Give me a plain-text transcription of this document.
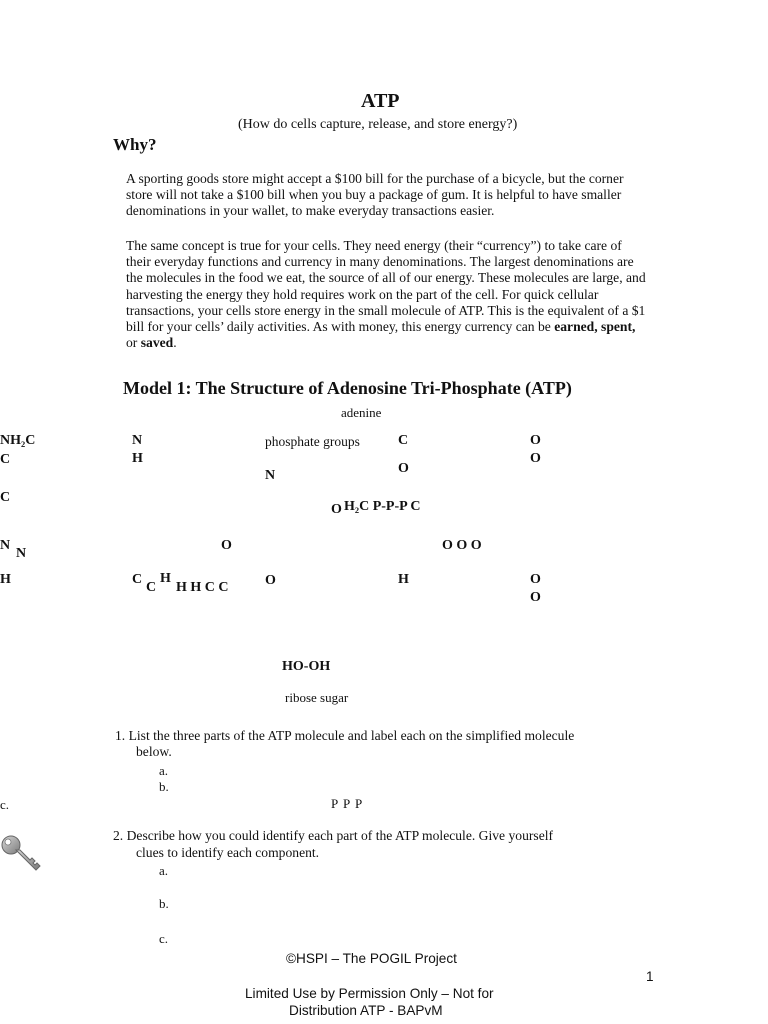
ATP
(How do cells capture, release, and store energy?)
Why?
A sporting goods store might accept a $100 bill for the purchase of a bicycle, but the corner store will not take a $100 bill when you buy a package of gum. It is helpful to have smaller denominations in your wallet, to make everyday transactions easier.
The same concept is true for your cells. They need energy (their “currency”) to take care of their everyday functions and currency in many denominations. The largest denominations are the molecules in the food we eat, the source of all of our energy. These molecules are large, and harvesting the energy they hold requires work on the part of the cell. For quick cellular transactions, your cells store energy in the small molecule of ATP. This is the equivalent of a $1 bill for your cells’ daily activities. As with money, this energy currency can be earned, spent, or saved.
Model 1: The Structure of Adenosine Tri-Phosphate (ATP)
adenine
NH₂C
C
C
N
N
H
N
H
phosphate groups
N
C
O
O
O
O H₂C P-P-P C
O	O O O
C
C
H
H H C C	O	H	O
O
HO-OH
ribose sugar
1. List the three parts of the ATP molecule and label each on the simplified molecule
below.
a.
b.
c.	P P P
2. Describe how you could identify each part of the ATP molecule. Give yourself
clues to identify each component.
a.
b.
c.
©HSPI – The POGIL Project
1
Limited Use by Permission Only – Not for
Distribution ATP - BAPvM
